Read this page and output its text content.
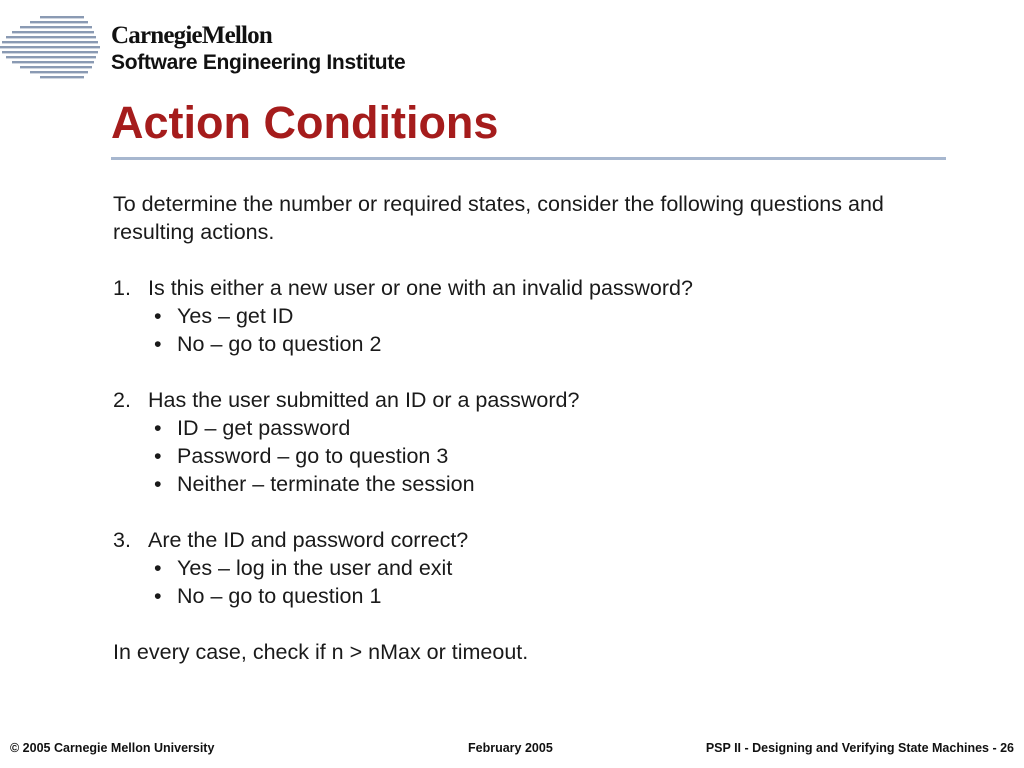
CarnegieMellon
Software Engineering Institute
Action Conditions

To determine the number or required states, consider the following questions and resulting actions.

1. Is this either a new user or one with an invalid password?
• Yes – get ID
• No – go to question 2
2. Has the user submitted an ID or a password?
• ID – get password
• Password – go to question 3
• Neither – terminate the session
3. Are the ID and password correct?
• Yes – log in the user and exit
• No – go to question 1

In every case, check if n > nMax or timeout.

© 2005 Carnegie Mellon University	February 2005	PSP II - Designing and Verifying State Machines - 26
